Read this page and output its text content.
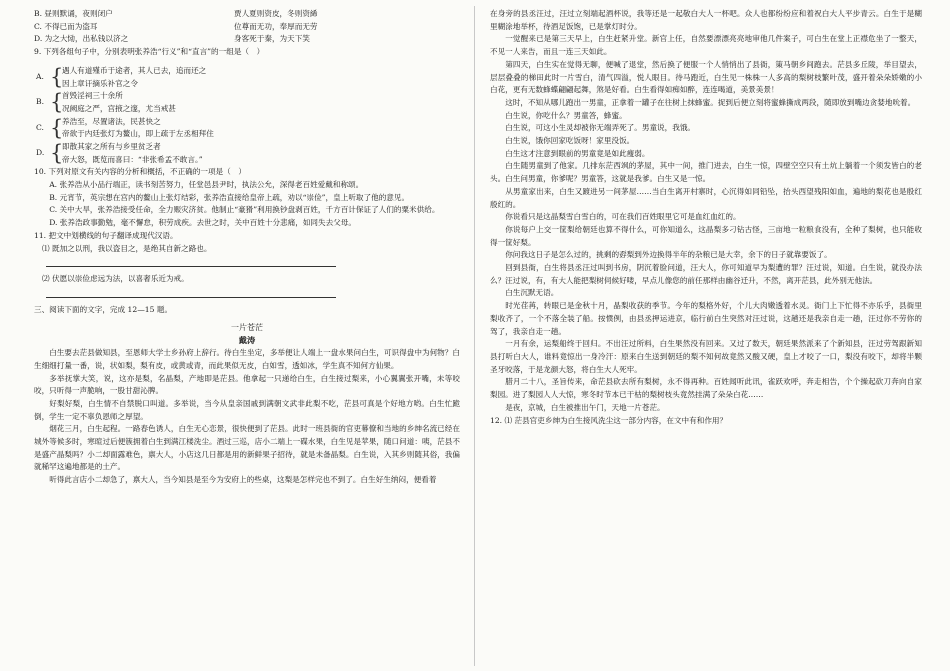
B. 昼则默诵，夜则闭户	贾人夏则资皮，冬则资絺
C. 不得已而为盗耳	位尊而无功，奉厚而无劳
D. 为之大恸，出私钱以济之	身客死于秦，为天下笑

9. 下列各组句子中，分别表明张养浩“行义”和“直言”的一组是（　）

A. {
遇人有道殣币于途者，其人已去，追而还之
因上章讦摘乐补官之令
B. {
首毁淫祠三十余所
况阙庭之严，宫掖之邃，尤当戒甚
C. {
养浩至，尽置诸法，民甚快之
帝欲于内廷张灯为鳌山，即上疏于左丞相拜住
D. {
即散其家之所有与乡里贫乏者
帝大怒，既览而喜曰：“非张希孟不敢言。”

10. 下列对原文有关内容的分析和概括，不正确的一项是（　）

A. 张养浩从小品行端正，读书刻苦努力，任堂邑县尹时，执法公允，深得老百姓爱戴和称颂。

B. 元宵节，英宗想在宫内的鳌山上张灯结彩，张养浩直接给皇帝上疏，劝以“崇俭”，皇上听取了他的意见。

C. 关中大旱，张养浩接受任命，全力赈灾济贫。他制止“豪猾”利用换钞盘剥百姓，千方百计保证了人们的粟米供给。

D. 张养浩政事勤勉，毫不懈怠，积劳成疾。去世之时，关中百姓十分悲痛，如同失去父母。

11. 把文中划横线的句子翻译成现代汉语。

⑴ 既加之以刑，我以盗目之，是绝其自新之路也。

⑵ 伏愿以崇俭虑远为法，以喜奢乐近为戒。

三、阅读下面的文字，完成 12—15 题。

一片苍茫

戴涛

白生要去茫县做知县，至恩师大学士乡孙府上辞行。待白生坐定，多举便让人端上一盘水果问白生，可识得盘中为何物？白生细细打量一番，说，状如梨，梨有皮，或黄或青，而此果似无皮，白如雪，透如冰，学生真不知何方仙果。

多举抚掌大笑，说，这亦是梨，名晶梨，产地即是茫县。他拿起一只递给白生，白生接过梨来，小心翼翼张开嘴，未等咬咬，只听得一声脆响，一股甘甜沁脾。

好梨好梨，白生情不自禁脱口叫道。多举说，当今从皇亲国戚到满朝文武非此梨不吃，茫县可真是个好地方哟。白生忙跪倒，学生一定不辜负恩师之厚望。

烟花三月，白生起程。一路春色诱人，白生无心恋景，很快便到了茫县。此时一班县衙的官吏幕僚和当地的乡绅名流已经在城外等候多时，寒暄过后便簇拥着白生到满江楼洗尘。酒过三巡，店小二端上一碟水果，白生见是苹果，随口问道：咦，茫县不是盛产晶梨吗？小二却面露难色，禀大人，小店这几日都是用的新鲜果子招待，就是未备晶梨。白生说，入其乡则随其俗，我偏就稀罕这遍地都是的土产。

听得此言店小二却急了，禀大人，当今知县是至今为安府上的些桌，这梨是怎样完也不到了。白生好生纳闷，便看着

在身旁的县丞汪过，汪过立刻端起酒杯说，我等还是一起敬白大人一杯吧。众人也都纷纷应和着祝白大人平步青云。白生于是糊里糊涂地举杯，待酒足饭饱，已是掌灯时分。

一觉醒来已是第三天早上，白生赶紧升堂。新官上任，自然要漂漂亮亮地审他几件案子，可白生在堂上正襟危坐了一整天，不见一人来告，而且一连三天如此。

第四天，白生实在觉得无聊，便喊了退堂，然后换了便服一个人悄悄出了县衙，策马朝乡间跑去。茫县多丘陵，举目望去，层层叠叠的梯田此时一片雪白，清气四溢，悦人眼目。待马跑近，白生见一株株一人多高的梨树枝繁叶茂，盛开着朵朵娇嫩的小白花，更有无数蜂蝶翩翩起舞，煞是好看。白生看得如痴如醉，连连喝道，美景美景！

这时，不知从哪儿跑出一男童，正拿着一罐子在往树上抹蜂蜜。捉到后便立刻将蜜蜂撕成两段，随即放到嘴边贪婪地吮着。

白生说，你吃什么？男童答，蜂蜜。

白生说，可这小生灵却被你无端弄死了。男童说，我饿。

白生说，饿你回家吃饭呀！家里没饭。

白生这才注意到眼前的男童竟是如此瘦弱。

白生随男童到了他家。几排东茫西飒的茅屋，其中一间，推门进去，白生一惊，四壁空空只有土炕上躺着一个须发皆白的老头。白生问男童，你爹呢？男童答，这就是我爹。白生又是一惊。

从男童家出来，白生又踱进另一间茅屋……当白生离开村寨时，心沉得如同铅坠，抬头西望残阳如血，遍地的梨花也是殷红殷红的。

你说看只是这晶梨雪白雪白的，可在我们百姓眼里它可是血红血红的。

你说每户上交一筐梨给朝廷也算不得什么，可你知道么，这晶梨多刁钻古怪，三亩地一粒粮食没有，全种了梨树，也只能收得一筐好梨。

你问我这日子是怎么过的，挑剩的孬梨到外边换得半年的杂粮已是大幸，余下的日子就靠要饭了。

回到县衙，白生将县丞汪过叫到书房，阴沉着脸问道，汪大人，你可知道早为梨遭的罪？汪过说，知道。白生说，就没办法么？汪过说，有，有大人能把梨树伺候好喽，早点儿像您的前任那样由幽谷迁升，不然，离开茫县，此外别无他法。

白生沉默无语。

时光荏苒，转眼已是金秋十月，晶梨收获的季节。今年的梨格外好，个儿大肉嫩透着水灵。衙门上下忙得不亦乐乎，县衙里梨收齐了，一个不落全装了船。按惯例，由县丞押运进京，临行前白生突然对汪过说，这趟还是我亲自走一趟，汪过你不劳你的驾了，我亲自走一趟。

一月有余，运梨船终于回归。不出汪过所料，白生果然没有回来。又过了数天，朝廷果然派来了个新知县，汪过劳驾跟新知县打听白大人，谁料竟惊出一身冷汗：原来白生送到朝廷的梨不知何故竟然又酸又硬，皇上才咬了一口，梨没有咬下，却将半颗圣牙咬落，于是龙颜大怒，将白生大人死牢。

腊月二十八，圣旨传来，命茫县砍去所有梨树，永不得再种。百姓闻听此讯，雀跃欢呼，奔走相告，个个操起砍刀奔向自家梨园。进了梨园人人大惊，寒冬时节本已干枯的梨树枝头竟然挂满了朵朵白花……

是夜，京城，白生被推出午门，天地一片苍茫。

12. ⑴ 茫县官吏乡绅为白生接风洗尘这一部分内容，在文中有和作用？
